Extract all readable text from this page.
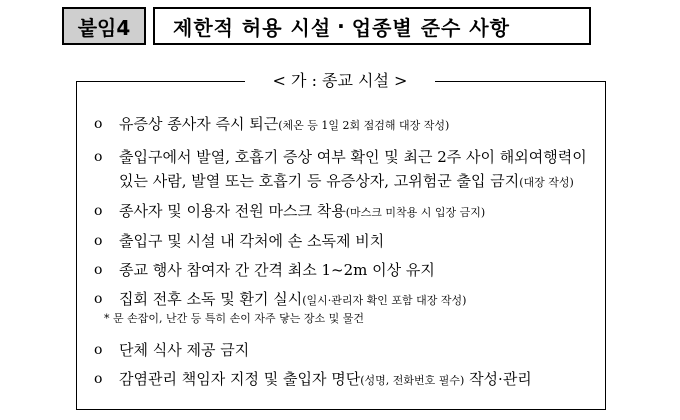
붙임4	제한적 허용 시설 · 업종별 준수 사항
< 가 : 종교 시설 >
o 유증상 종사자 즉시 퇴근(체온 등 1일 2회 점검해 대장 작성)
o 출입구에서 발열, 호흡기 증상 여부 확인 및 최근 2주 사이 해외여행력이
있는 사람, 발열 또는 호흡기 등 유증상자, 고위험군 출입 금지(대장 작성)
o 종사자 및 이용자 전원 마스크 착용(마스크 미착용 시 입장 금지)
o 출입구 및 시설 내 각처에 손 소독제 비치
o 종교 행사 참여자 간 간격 최소 1~2m 이상 유지
o 집회 전후 소독 및 환기 실시(일시·관리자 확인 포함 대장 작성)
* 문 손잡이, 난간 등 특히 손이 자주 닿는 장소 및 물건
o 단체 식사 제공 금지
o 감염관리 책임자 지정 및 출입자 명단(성명, 전화번호 필수) 작성·관리
